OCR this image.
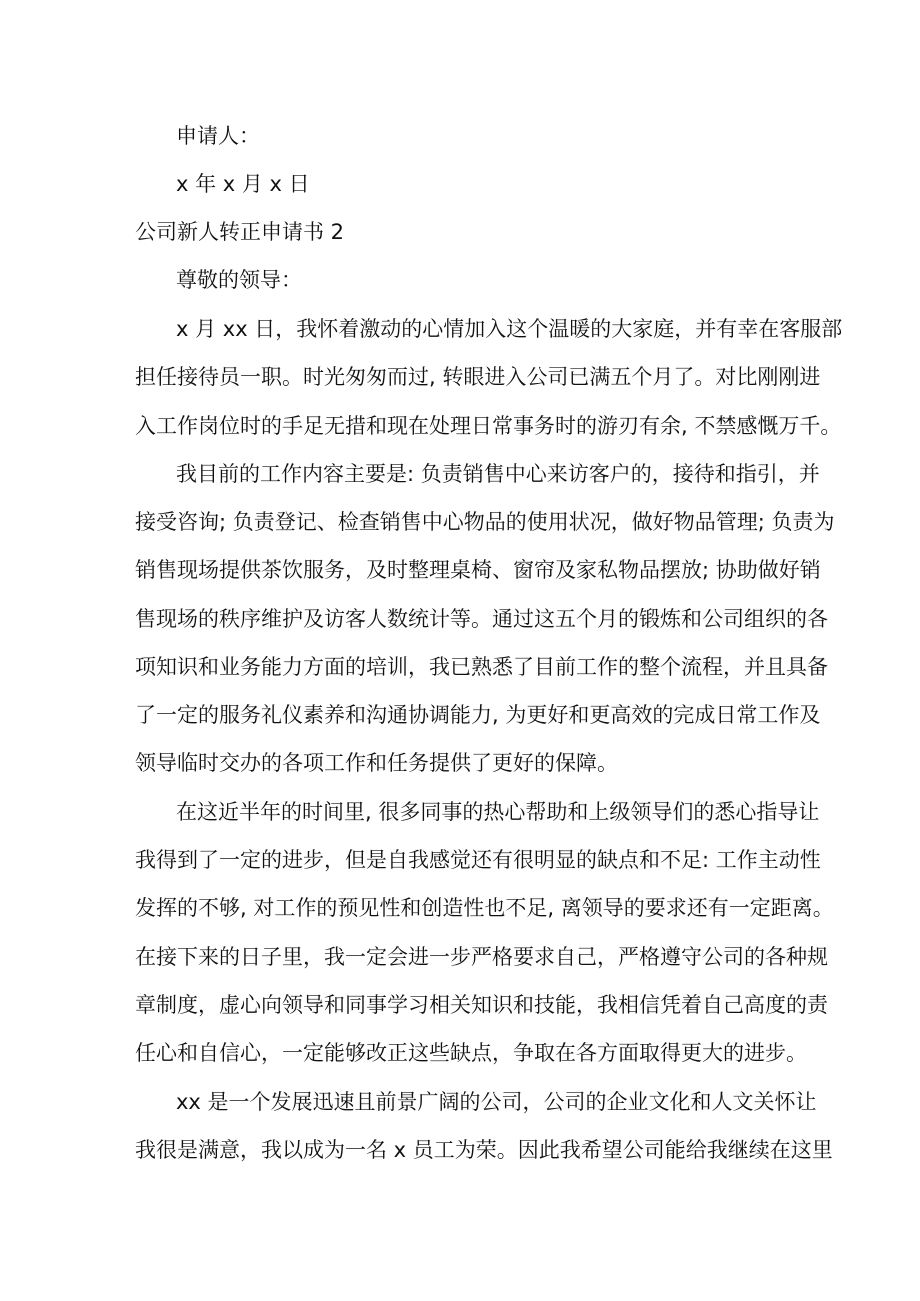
申请人：
x 年 x 月 x 日
公司新人转正申请书 2
尊敬的领导：
x 月 xx 日，我怀着激动的心情加入这个温暖的大家庭，并有幸在客服部
担任接待员一职。时光匆匆而过, 转眼进入公司已满五个月了。对比刚刚进
入工作岗位时的手足无措和现在处理日常事务时的游刃有余, 不禁感慨万千。
我目前的工作内容主要是: 负责销售中心来访客户的，接待和指引，并
接受咨询; 负责登记、检查销售中心物品的使用状况，做好物品管理; 负责为
销售现场提供茶饮服务，及时整理桌椅、窗帘及家私物品摆放; 协助做好销
售现场的秩序维护及访客人数统计等。通过这五个月的锻炼和公司组织的各
项知识和业务能力方面的培训，我已熟悉了目前工作的整个流程，并且具备
了一定的服务礼仪素养和沟通协调能力, 为更好和更高效的完成日常工作及
领导临时交办的各项工作和任务提供了更好的保障。
在这近半年的时间里, 很多同事的热心帮助和上级领导们的悉心指导让
我得到了一定的进步，但是自我感觉还有很明显的缺点和不足: 工作主动性
发挥的不够, 对工作的预见性和创造性也不足, 离领导的要求还有一定距离。
在接下来的日子里，我一定会进一步严格要求自己，严格遵守公司的各种规
章制度，虚心向领导和同事学习相关知识和技能，我相信凭着自己高度的责
任心和自信心，一定能够改正这些缺点，争取在各方面取得更大的进步。
xx 是一个发展迅速且前景广阔的公司，公司的企业文化和人文关怀让
我很是满意，我以成为一名 x 员工为荣。因此我希望公司能给我继续在这里
